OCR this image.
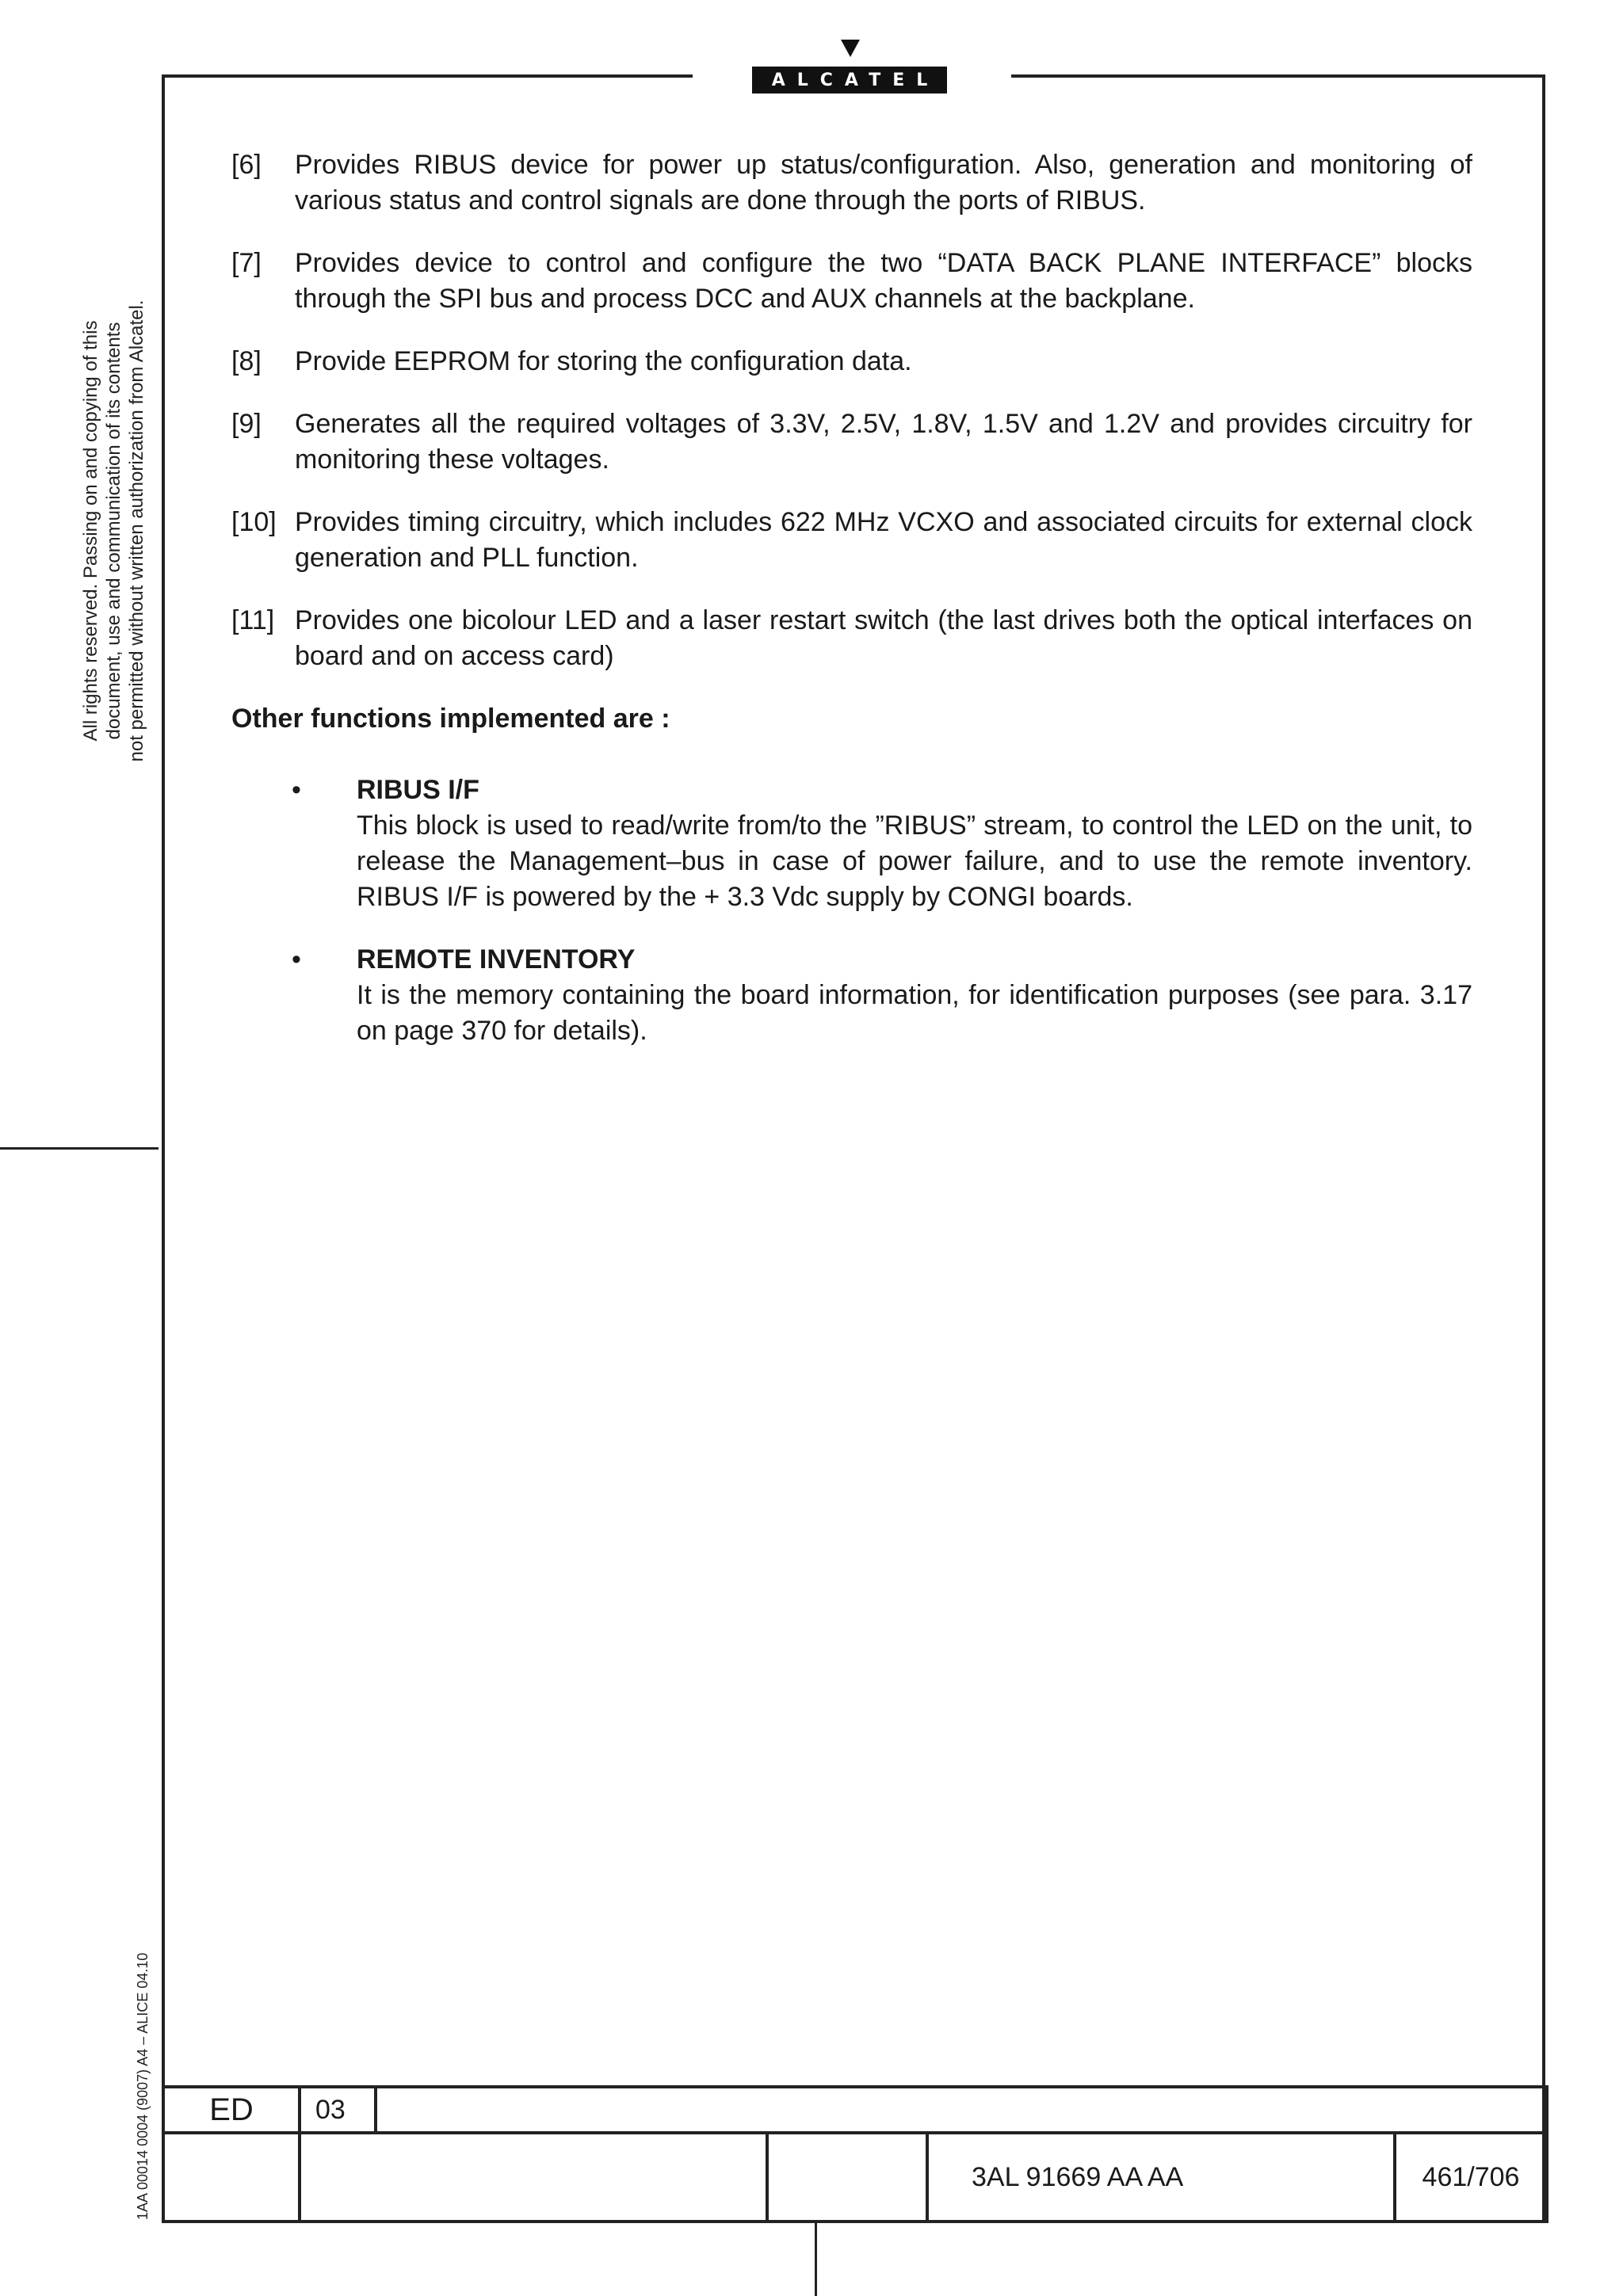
ALCATEL
All rights reserved. Passing on and copying of this document, use and communication of its contents not permitted without written authorization from Alcatel.
1AA 00014 0004 (9007) A4 – ALICE 04.10
[6]	Provides RIBUS device for power up status/configuration. Also, generation and monitoring of various status and control signals are done through the ports of RIBUS.
[7]	Provides device to control and configure the two “DATA BACK PLANE INTERFACE” blocks through the SPI bus and process DCC and AUX channels at the backplane.
[8]	Provide EEPROM for storing the configuration data.
[9]	Generates all the required voltages of 3.3V, 2.5V, 1.8V, 1.5V and 1.2V and provides circuitry for monitoring these voltages.
[10] Provides timing circuitry, which includes 622 MHz VCXO and associated circuits for external clock generation and PLL function.
[11] Provides one bicolour LED and a laser restart switch (the last drives both the optical interfaces on board and on access card)
Other functions implemented are :
•	RIBUS I/F
This block is used to read/write from/to the ”RIBUS” stream, to control the LED on the unit, to release the Management–bus in case of power failure, and to use the remote inventory. RIBUS I/F is powered by the + 3.3 Vdc supply by CONGI boards.
•	REMOTE INVENTORY
It is the memory containing the board information, for identification purposes (see para. 3.17 on page 370 for details).
ED	03				
				3AL 91669 AA AA	461/706
